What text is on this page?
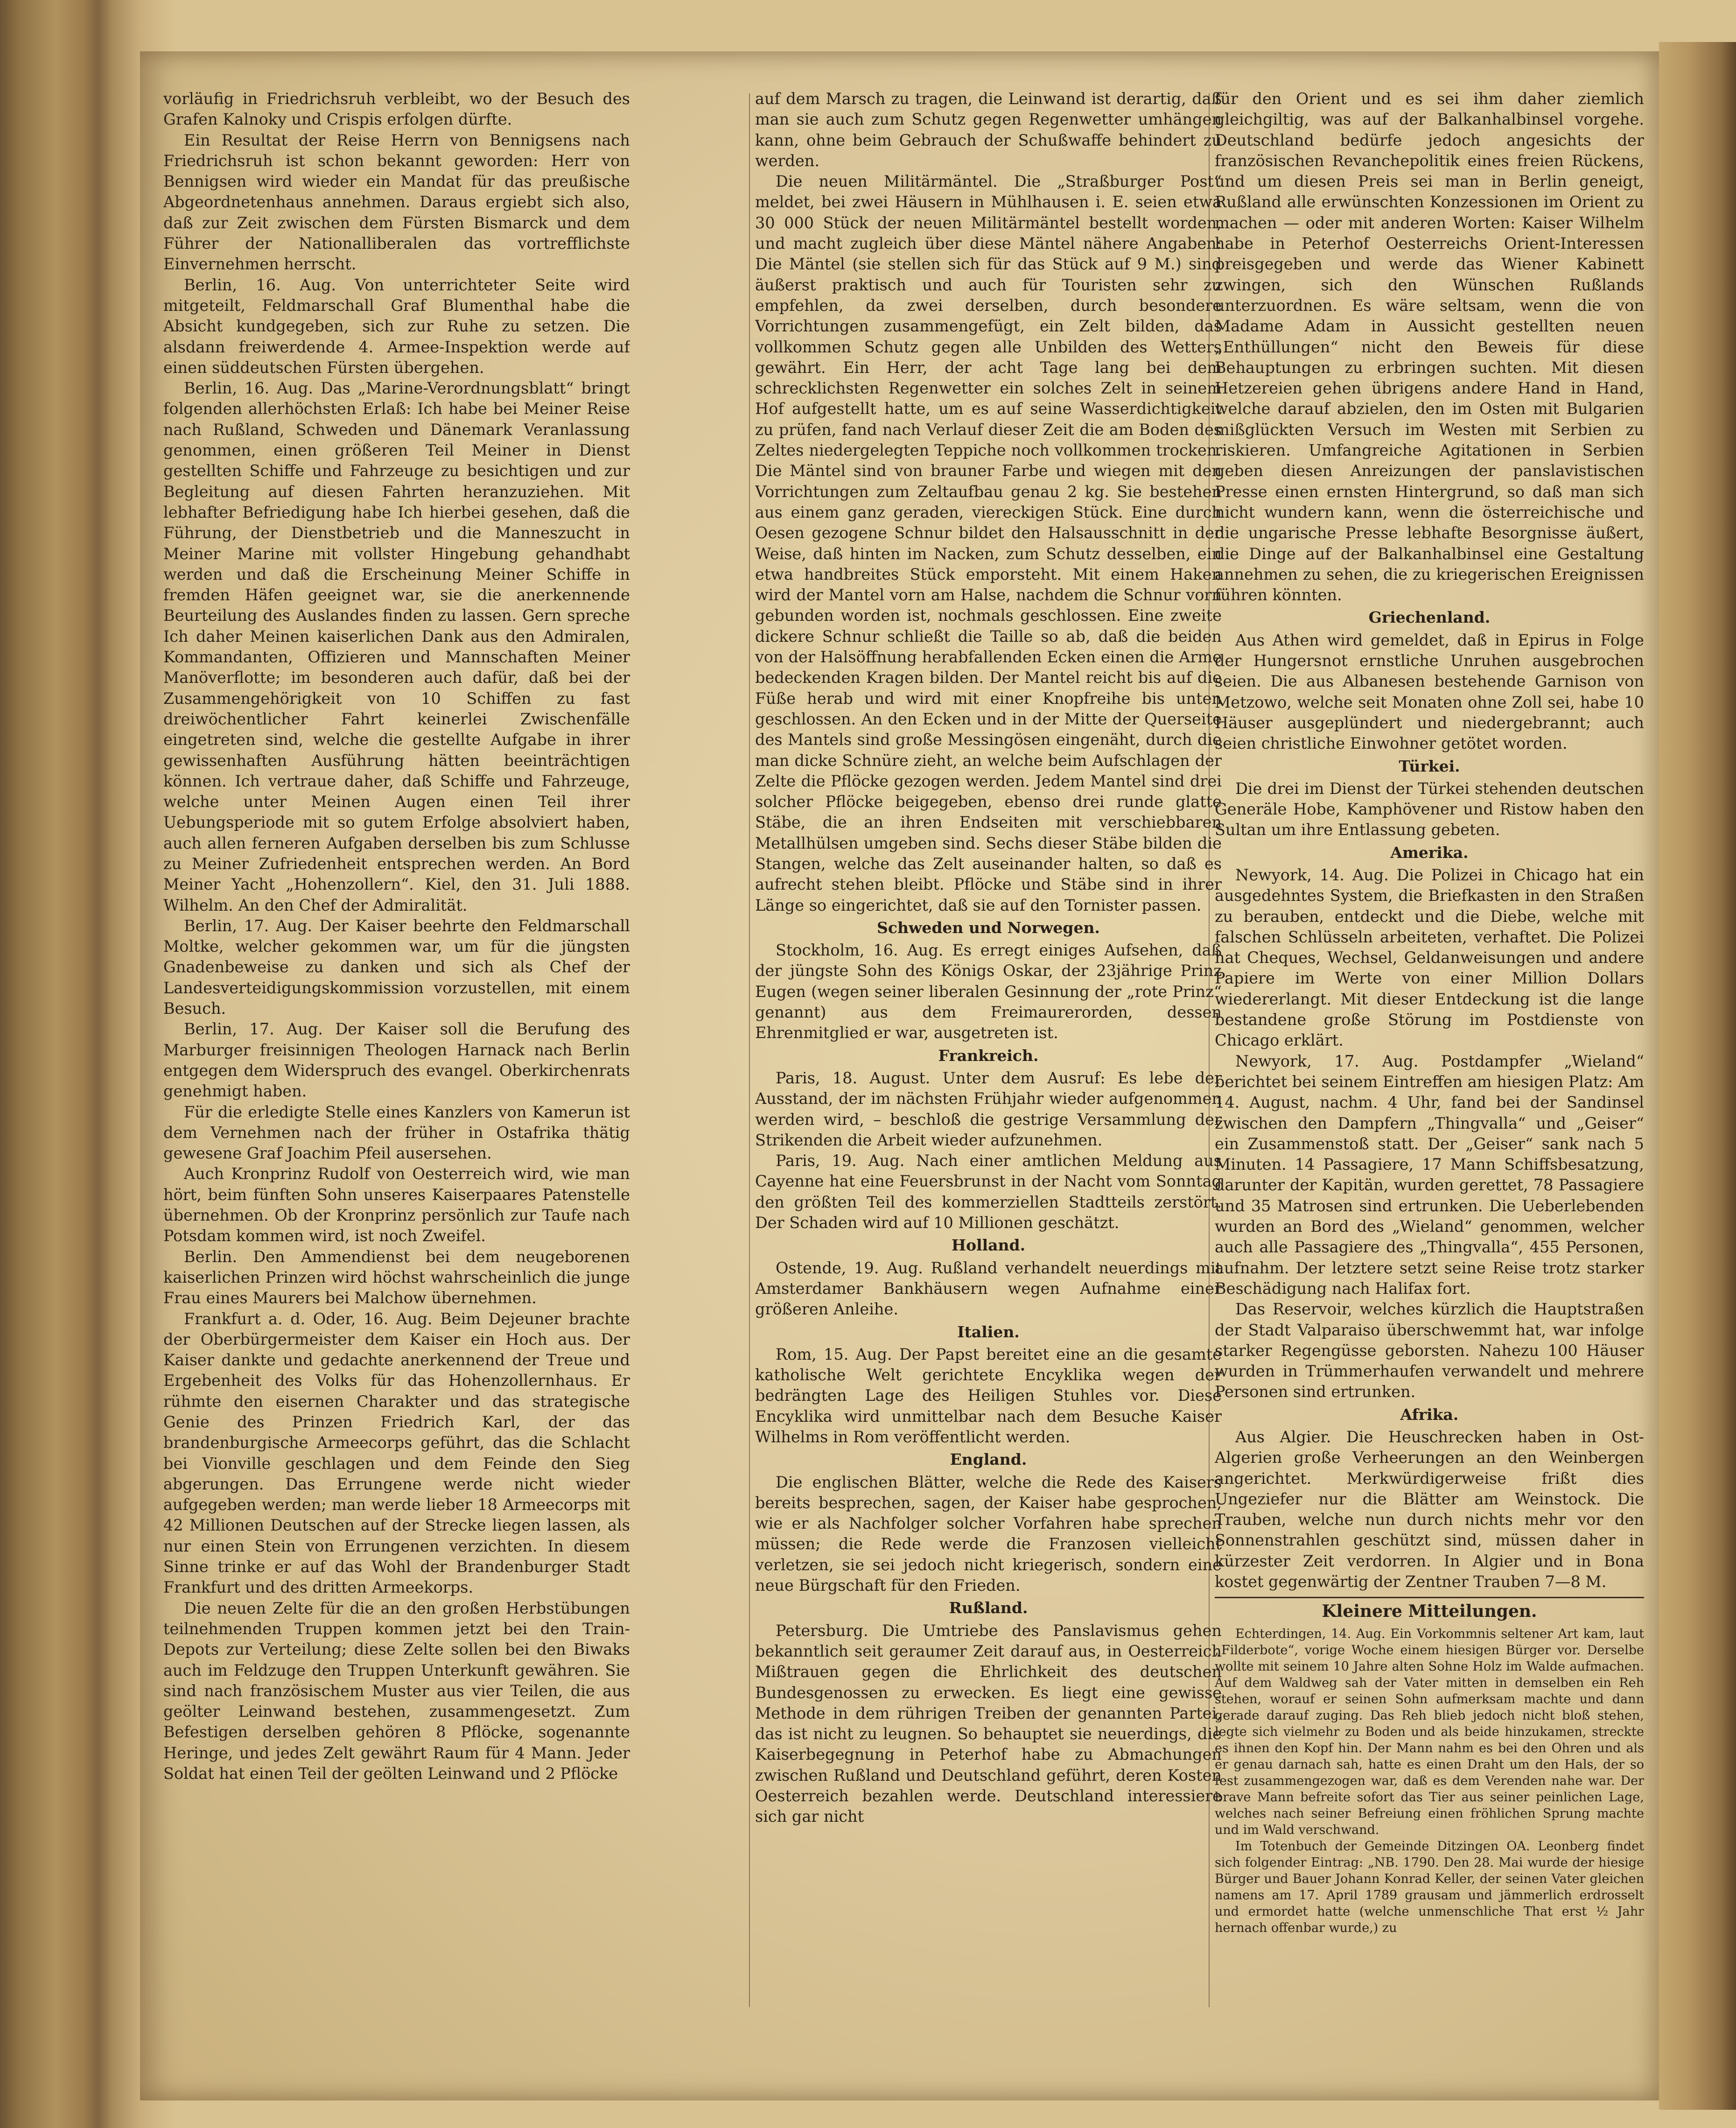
vorläufig in Friedrichsruh verbleibt, wo der Besuch des Grafen Kalnoky und Crispis erfolgen dürfte.

Ein Resultat der Reise Herrn von Bennigsens nach Friedrichsruh ist schon bekannt geworden: Herr von Bennigsen wird wieder ein Mandat für das preußische Abgeordnetenhaus annehmen. Daraus ergiebt sich also, daß zur Zeit zwischen dem Fürsten Bismarck und dem Führer der Nationalliberalen das vortrefflichste Einvernehmen herrscht.

Berlin, 16. Aug. Von unterrichteter Seite wird mitgeteilt, Feldmarschall Graf Blumenthal habe die Absicht kundgegeben, sich zur Ruhe zu setzen. Die alsdann freiwerdende 4. Armee-Inspektion werde auf einen süddeutschen Fürsten übergehen.

Berlin, 16. Aug. Das „Marine-Verordnungsblatt“ bringt folgenden allerhöchsten Erlaß: Ich habe bei Meiner Reise nach Rußland, Schweden und Dänemark Veranlassung genommen, einen größeren Teil Meiner in Dienst gestellten Schiffe und Fahrzeuge zu besichtigen und zur Begleitung auf diesen Fahrten heranzuziehen. Mit lebhafter Befriedigung habe Ich hierbei gesehen, daß die Führung, der Dienstbetrieb und die Manneszucht in Meiner Marine mit vollster Hingebung gehandhabt werden und daß die Erscheinung Meiner Schiffe in fremden Häfen geeignet war, sie die anerkennende Beurteilung des Auslandes finden zu lassen. Gern spreche Ich daher Meinen kaiserlichen Dank aus den Admiralen, Kommandanten, Offizieren und Mannschaften Meiner Manöverflotte; im besonderen auch dafür, daß bei der Zusammengehörigkeit von 10 Schiffen zu fast dreiwöchentlicher Fahrt keinerlei Zwischenfälle eingetreten sind, welche die gestellte Aufgabe in ihrer gewissenhaften Ausführung hätten beeinträchtigen können. Ich vertraue daher, daß Schiffe und Fahrzeuge, welche unter Meinen Augen einen Teil ihrer Uebungsperiode mit so gutem Erfolge absolviert haben, auch allen ferneren Aufgaben derselben bis zum Schlusse zu Meiner Zufriedenheit entsprechen werden. An Bord Meiner Yacht „Hohenzollern“. Kiel, den 31. Juli 1888. Wilhelm. An den Chef der Admiralität.

Berlin, 17. Aug. Der Kaiser beehrte den Feldmarschall Moltke, welcher gekommen war, um für die jüngsten Gnadenbeweise zu danken und sich als Chef der Landesverteidigungskommission vorzustellen, mit einem Besuch.

Berlin, 17. Aug. Der Kaiser soll die Berufung des Marburger freisinnigen Theologen Harnack nach Berlin entgegen dem Widerspruch des evangel. Oberkirchenrats genehmigt haben.

Für die erledigte Stelle eines Kanzlers von Kamerun ist dem Vernehmen nach der früher in Ostafrika thätig gewesene Graf Joachim Pfeil ausersehen.

Auch Kronprinz Rudolf von Oesterreich wird, wie man hört, beim fünften Sohn unseres Kaiserpaares Patenstelle übernehmen. Ob der Kronprinz persönlich zur Taufe nach Potsdam kommen wird, ist noch Zweifel.

Berlin. Den Ammendienst bei dem neugeborenen kaiserlichen Prinzen wird höchst wahrscheinlich die junge Frau eines Maurers bei Malchow übernehmen.

Frankfurt a. d. Oder, 16. Aug. Beim Dejeuner brachte der Oberbürgermeister dem Kaiser ein Hoch aus. Der Kaiser dankte und gedachte anerkennend der Treue und Ergebenheit des Volks für das Hohenzollernhaus. Er rühmte den eisernen Charakter und das strategische Genie des Prinzen Friedrich Karl, der das brandenburgische Armeecorps geführt, das die Schlacht bei Vionville geschlagen und dem Feinde den Sieg abgerungen. Das Errungene werde nicht wieder aufgegeben werden; man werde lieber 18 Armeecorps mit 42 Millionen Deutschen auf der Strecke liegen lassen, als nur einen Stein von Errungenen verzichten. In diesem Sinne trinke er auf das Wohl der Brandenburger Stadt Frankfurt und des dritten Armeekorps.

Die neuen Zelte für die an den großen Herbstübungen teilnehmenden Truppen kommen jetzt bei den Train-Depots zur Verteilung; diese Zelte sollen bei den Biwaks auch im Feldzuge den Truppen Unterkunft gewähren. Sie sind nach französischem Muster aus vier Teilen, die aus geölter Leinwand bestehen, zusammengesetzt. Zum Befestigen derselben gehören 8 Pflöcke, sogenannte Heringe, und jedes Zelt gewährt Raum für 4 Mann. Jeder Soldat hat einen Teil der geölten Leinwand und 2 Pflöcke

auf dem Marsch zu tragen, die Leinwand ist derartig, daß man sie auch zum Schutz gegen Regenwetter umhängen kann, ohne beim Gebrauch der Schußwaffe behindert zu werden.

Die neuen Militärmäntel. Die „Straßburger Post“ meldet, bei zwei Häusern in Mühlhausen i. E. seien etwa 30 000 Stück der neuen Militärmäntel bestellt worden, und macht zugleich über diese Mäntel nähere Angaben: Die Mäntel (sie stellen sich für das Stück auf 9 M.) sind äußerst praktisch und auch für Touristen sehr zu empfehlen, da zwei derselben, durch besondere Vorrichtungen zusammengefügt, ein Zelt bilden, das vollkommen Schutz gegen alle Unbilden des Wetters gewährt. Ein Herr, der acht Tage lang bei dem schrecklichsten Regenwetter ein solches Zelt in seinem Hof aufgestellt hatte, um es auf seine Wasserdichtigkeit zu prüfen, fand nach Verlauf dieser Zeit die am Boden des Zeltes niedergelegten Teppiche noch vollkommen trocken. Die Mäntel sind von brauner Farbe und wiegen mit den Vorrichtungen zum Zeltaufbau genau 2 kg. Sie bestehen aus einem ganz geraden, viereckigen Stück. Eine durch Oesen gezogene Schnur bildet den Halsausschnitt in der Weise, daß hinten im Nacken, zum Schutz desselben, ein etwa handbreites Stück emporsteht. Mit einem Haken wird der Mantel vorn am Halse, nachdem die Schnur vorn gebunden worden ist, nochmals geschlossen. Eine zweite dickere Schnur schließt die Taille so ab, daß die beiden von der Halsöffnung herabfallenden Ecken einen die Arme bedeckenden Kragen bilden. Der Mantel reicht bis auf die Füße herab und wird mit einer Knopfreihe bis unten geschlossen. An den Ecken und in der Mitte der Querseite des Mantels sind große Messingösen eingenäht, durch die man dicke Schnüre zieht, an welche beim Aufschlagen der Zelte die Pflöcke gezogen werden. Jedem Mantel sind drei solcher Pflöcke beigegeben, ebenso drei runde glatte Stäbe, die an ihren Endseiten mit verschiebbaren Metallhülsen umgeben sind. Sechs dieser Stäbe bilden die Stangen, welche das Zelt auseinander halten, so daß es aufrecht stehen bleibt. Pflöcke und Stäbe sind in ihrer Länge so eingerichtet, daß sie auf den Tornister passen.

Schweden und Norwegen.

Stockholm, 16. Aug. Es erregt einiges Aufsehen, daß der jüngste Sohn des Königs Oskar, der 23jährige Prinz Eugen (wegen seiner liberalen Gesinnung der „rote Prinz“ genannt) aus dem Freimaurerorden, dessen Ehrenmitglied er war, ausgetreten ist.

Frankreich.

Paris, 18. August. Unter dem Ausruf: Es lebe der Ausstand, der im nächsten Frühjahr wieder aufgenommen werden wird, – beschloß die gestrige Versammlung der Strikenden die Arbeit wieder aufzunehmen.

Paris, 19. Aug. Nach einer amtlichen Meldung aus Cayenne hat eine Feuersbrunst in der Nacht vom Sonntag den größten Teil des kommerziellen Stadtteils zerstört. Der Schaden wird auf 10 Millionen geschätzt.

Holland.

Ostende, 19. Aug. Rußland verhandelt neuerdings mit Amsterdamer Bankhäusern wegen Aufnahme einer größeren Anleihe.

Italien.

Rom, 15. Aug. Der Papst bereitet eine an die gesamte katholische Welt gerichtete Encyklika wegen der bedrängten Lage des Heiligen Stuhles vor. Diese Encyklika wird unmittelbar nach dem Besuche Kaiser Wilhelms in Rom veröffentlicht werden.

England.

Die englischen Blätter, welche die Rede des Kaisers bereits besprechen, sagen, der Kaiser habe gesprochen, wie er als Nachfolger solcher Vorfahren habe sprechen müssen; die Rede werde die Franzosen vielleicht verletzen, sie sei jedoch nicht kriegerisch, sondern eine neue Bürgschaft für den Frieden.

Rußland.

Petersburg. Die Umtriebe des Panslavismus gehen bekanntlich seit geraumer Zeit darauf aus, in Oesterreich Mißtrauen gegen die Ehrlichkeit des deutschen Bundesgenossen zu erwecken. Es liegt eine gewisse Methode in dem rührigen Treiben der genannten Partei, das ist nicht zu leugnen. So behauptet sie neuerdings, die Kaiserbegegnung in Peterhof habe zu Abmachungen zwischen Rußland und Deutschland geführt, deren Kosten Oesterreich bezahlen werde. Deutschland interessiere sich gar nicht

für den Orient und es sei ihm daher ziemlich gleichgiltig, was auf der Balkanhalbinsel vorgehe. Deutschland bedürfe jedoch angesichts der französischen Revanchepolitik eines freien Rückens, und um diesen Preis sei man in Berlin geneigt, Rußland alle erwünschten Konzessionen im Orient zu machen — oder mit anderen Worten: Kaiser Wilhelm habe in Peterhof Oesterreichs Orient-Interessen preisgegeben und werde das Wiener Kabinett zwingen, sich den Wünschen Rußlands unterzuordnen. Es wäre seltsam, wenn die von Madame Adam in Aussicht gestellten neuen „Enthüllungen“ nicht den Beweis für diese Behauptungen zu erbringen suchten. Mit diesen Hetzereien gehen übrigens andere Hand in Hand, welche darauf abzielen, den im Osten mit Bulgarien mißglückten Versuch im Westen mit Serbien zu riskieren. Umfangreiche Agitationen in Serbien geben diesen Anreizungen der panslavistischen Presse einen ernsten Hintergrund, so daß man sich nicht wundern kann, wenn die österreichische und die ungarische Presse lebhafte Besorgnisse äußert, die Dinge auf der Balkanhalbinsel eine Gestaltung annehmen zu sehen, die zu kriegerischen Ereignissen führen könnten.

Griechenland.

Aus Athen wird gemeldet, daß in Epirus in Folge der Hungersnot ernstliche Unruhen ausgebrochen seien. Die aus Albanesen bestehende Garnison von Metzowo, welche seit Monaten ohne Zoll sei, habe 10 Häuser ausgeplündert und niedergebrannt; auch seien christliche Einwohner getötet worden.

Türkei.

Die drei im Dienst der Türkei stehenden deutschen Generäle Hobe, Kamphövener und Ristow haben den Sultan um ihre Entlassung gebeten.

Amerika.

Newyork, 14. Aug. Die Polizei in Chicago hat ein ausgedehntes System, die Briefkasten in den Straßen zu berauben, entdeckt und die Diebe, welche mit falschen Schlüsseln arbeiteten, verhaftet. Die Polizei hat Cheques, Wechsel, Geldanweisungen und andere Papiere im Werte von einer Million Dollars wiedererlangt. Mit dieser Entdeckung ist die lange bestandene große Störung im Postdienste von Chicago erklärt.

Newyork, 17. Aug. Postdampfer „Wieland“ berichtet bei seinem Eintreffen am hiesigen Platz: Am 14. August, nachm. 4 Uhr, fand bei der Sandinsel zwischen den Dampfern „Thingvalla“ und „Geiser“ ein Zusammenstoß statt. Der „Geiser“ sank nach 5 Minuten. 14 Passagiere, 17 Mann Schiffsbesatzung, darunter der Kapitän, wurden gerettet, 78 Passagiere und 35 Matrosen sind ertrunken. Die Ueberlebenden wurden an Bord des „Wieland“ genommen, welcher auch alle Passagiere des „Thingvalla“, 455 Personen, aufnahm. Der letztere setzt seine Reise trotz starker Beschädigung nach Halifax fort.

Das Reservoir, welches kürzlich die Hauptstraßen der Stadt Valparaiso überschwemmt hat, war infolge starker Regengüsse geborsten. Nahezu 100 Häuser wurden in Trümmerhaufen verwandelt und mehrere Personen sind ertrunken.

Afrika.

Aus Algier. Die Heuschrecken haben in Ost-Algerien große Verheerungen an den Weinbergen angerichtet. Merkwürdigerweise frißt dies Ungeziefer nur die Blätter am Weinstock. Die Trauben, welche nun durch nichts mehr vor den Sonnenstrahlen geschützt sind, müssen daher in kürzester Zeit verdorren. In Algier und in Bona kostet gegenwärtig der Zentner Trauben 7—8 M.

Kleinere Mitteilungen.

Echterdingen, 14. Aug. Ein Vorkommnis seltener Art kam, laut „Filderbote“, vorige Woche einem hiesigen Bürger vor. Derselbe wollte mit seinem 10 Jahre alten Sohne Holz im Walde aufmachen. Auf dem Waldweg sah der Vater mitten in demselben ein Reh stehen, worauf er seinen Sohn aufmerksam machte und dann gerade darauf zuging. Das Reh blieb jedoch nicht bloß stehen, legte sich vielmehr zu Boden und als beide hinzukamen, streckte es ihnen den Kopf hin. Der Mann nahm es bei den Ohren und als er genau darnach sah, hatte es einen Draht um den Hals, der so fest zusammengezogen war, daß es dem Verenden nahe war. Der brave Mann befreite sofort das Tier aus seiner peinlichen Lage, welches nach seiner Befreiung einen fröhlichen Sprung machte und im Wald verschwand.

Im Totenbuch der Gemeinde Ditzingen OA. Leonberg findet sich folgender Eintrag: „NB. 1790. Den 28. Mai wurde der hiesige Bürger und Bauer Johann Konrad Keller, der seinen Vater gleichen namens am 17. April 1789 grausam und jämmerlich erdrosselt und ermordet hatte (welche unmenschliche That erst ½ Jahr hernach offenbar wurde,) zu
